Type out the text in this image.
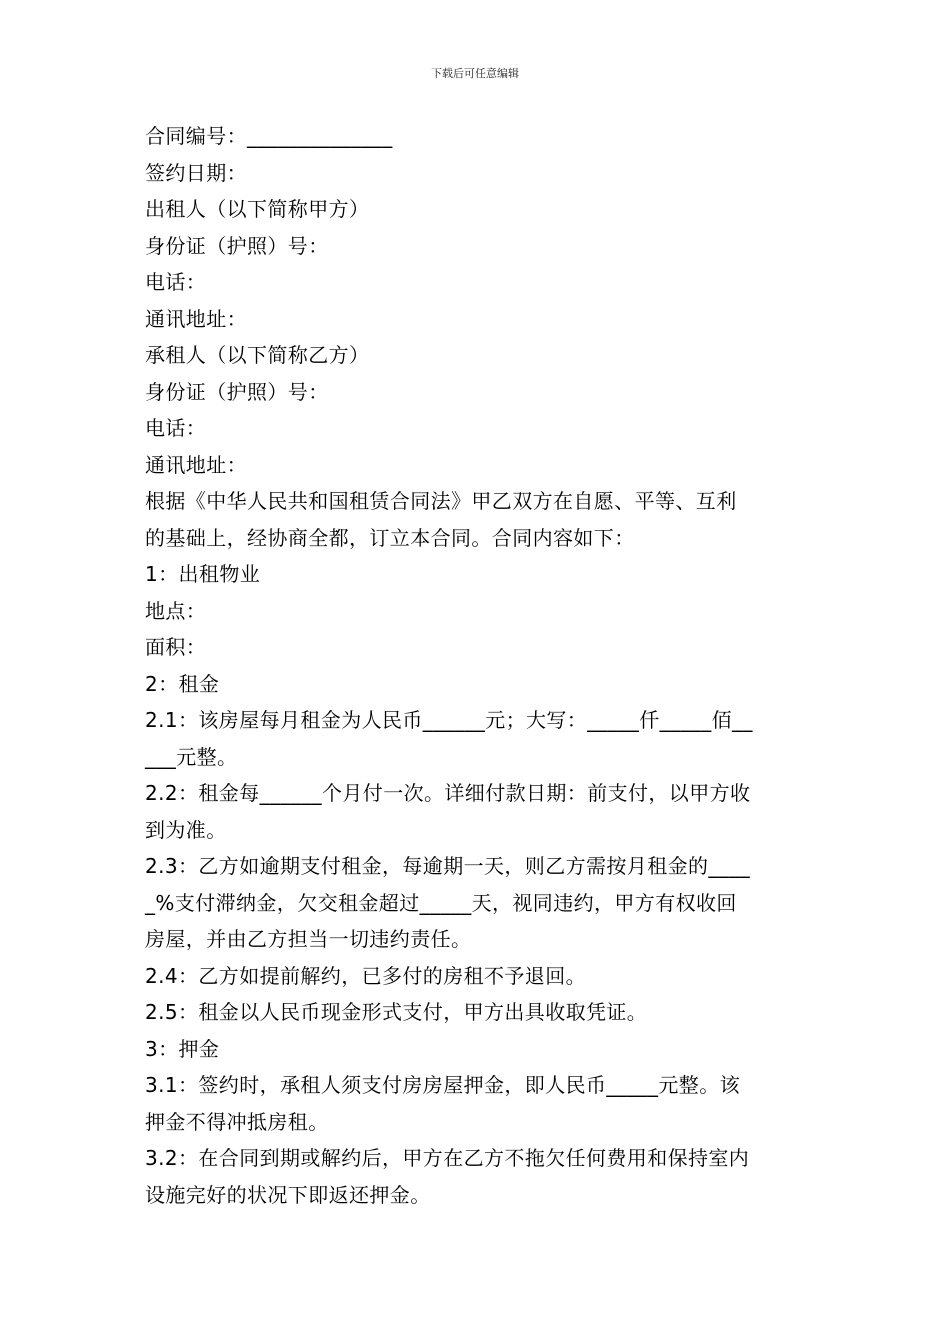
下载后可任意编辑
合同编号：______________
签约日期：
出租人（以下简称甲方）
身份证（护照）号：
电话：
通讯地址：
承租人（以下简称乙方）
身份证（护照）号：
电话：
通讯地址：
根据《中华人民共和国租赁合同法》甲乙双方在自愿、平等、互利
的基础上，经协商全都，订立本合同。合同内容如下：
1：出租物业
地点：
面积：
2：租金
2.1：该房屋每月租金为人民币______元；大写：_____仟_____佰__
___元整。
2.2：租金每______个月付一次。详细付款日期：前支付，以甲方收
到为准。
2.3：乙方如逾期支付租金，每逾期一天，则乙方需按月租金的____
_%支付滞纳金，欠交租金超过_____天，视同违约，甲方有权收回
房屋，并由乙方担当一切违约责任。
2.4：乙方如提前解约，已多付的房租不予退回。
2.5：租金以人民币现金形式支付，甲方出具收取凭证。
3：押金
3.1：签约时，承租人须支付房房屋押金，即人民币_____元整。该
押金不得冲抵房租。
3.2：在合同到期或解约后，甲方在乙方不拖欠任何费用和保持室内
设施完好的状况下即返还押金。
